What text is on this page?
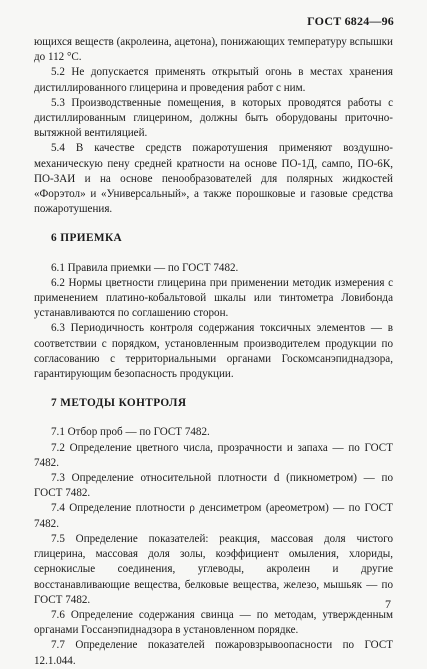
ГОСТ 6824—96

ющихся веществ (акролеина, ацетона), понижающих температуру вспышки до 112 °С.

5.2 Не допускается применять открытый огонь в местах хранения дистиллированного глицерина и проведения работ с ним.

5.3 Производственные помещения, в которых проводятся работы с дистиллированным глицерином, должны быть оборудованы приточно-вытяжной вентиляцией.

5.4 В качестве средств пожаротушения применяют воздушно-механическую пену средней кратности на основе ПО-1Д, сампо, ПО-6К, ПО-ЗАИ и на основе пенообразователей для полярных жидкостей «Форэтол» и «Универсальный», а также порошковые и газовые средства пожаротушения.

6 ПРИЕМКА

6.1 Правила приемки — по ГОСТ 7482.

6.2 Нормы цветности глицерина при применении методик измерения с применением платино-кобальтовой шкалы или тинтометра Ловибонда устанавливаются по соглашению сторон.

6.3 Периодичность контроля содержания токсичных элементов — в соответствии с порядком, установленным производителем продукции по согласованию с территориальными органами Госкомсанэпиднадзора, гарантирующим безопасность продукции.

7 МЕТОДЫ КОНТРОЛЯ

7.1 Отбор проб — по ГОСТ 7482.

7.2 Определение цветного числа, прозрачности и запаха — по ГОСТ 7482.

7.3 Определение относительной плотности d (пикнометром) — по ГОСТ 7482.

7.4 Определение плотности ρ денсиметром (ареометром) — по ГОСТ 7482.

7.5 Определение показателей: реакция, массовая доля чистого глицерина, массовая доля золы, коэффициент омыления, хлориды, сернокислые соединения, углеводы, акролеин и другие восстанавливающие вещества, белковые вещества, железо, мышьяк — по ГОСТ 7482.

7.6 Определение содержания свинца — по методам, утвержденным органами Госсанэпиднадзора в установленном порядке.

7.7 Определение показателей пожаровзрывоопасности по ГОСТ 12.1.044.

7
